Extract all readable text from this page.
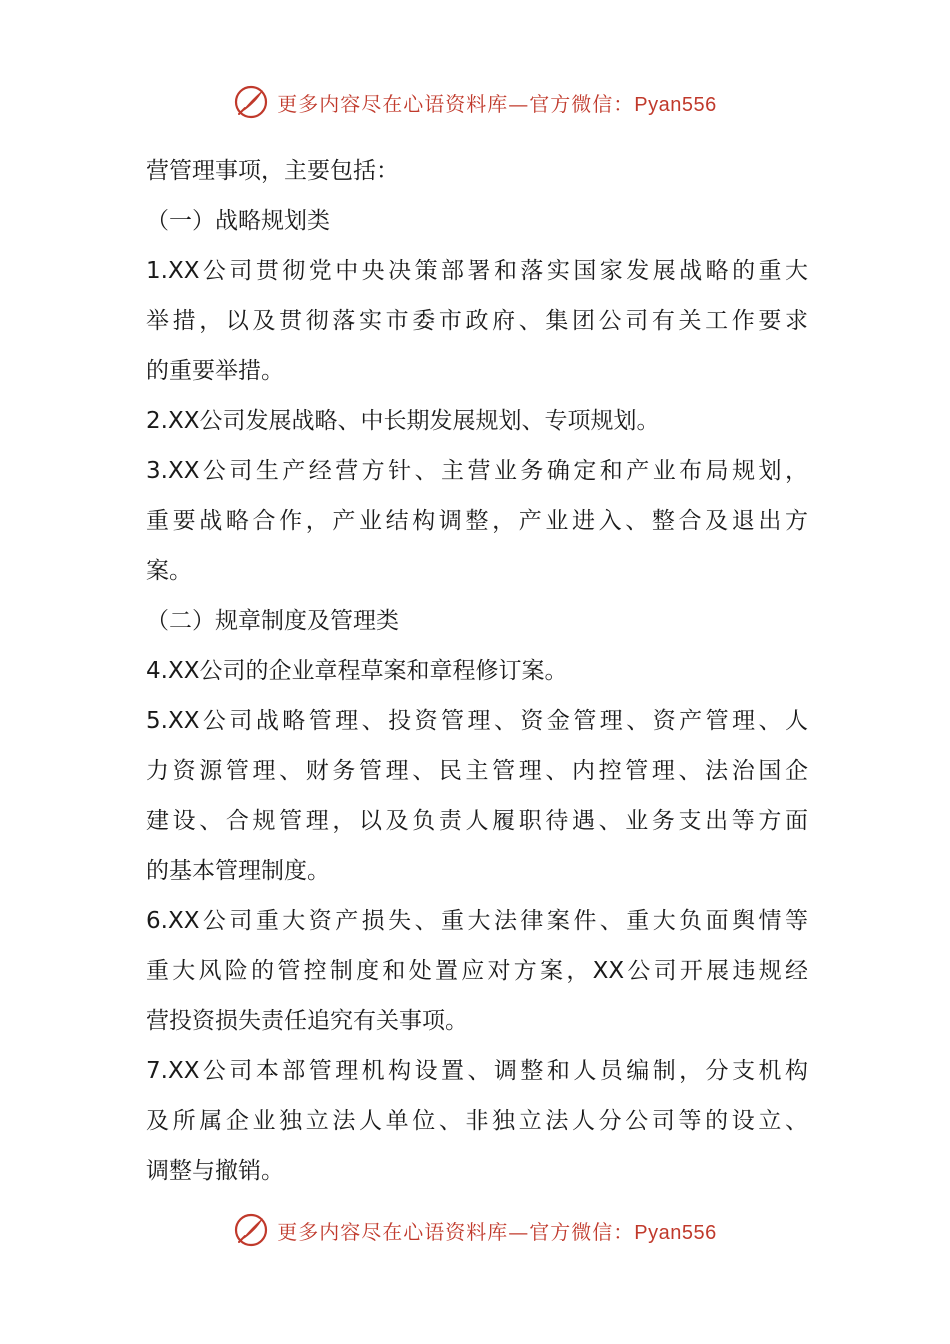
更多内容尽在心语资料库—官方微信：Pyan556
营管理事项，主要包括：
（一）战略规划类
1.XX公司贯彻党中央决策部署和落实国家发展战略的重大
举措，以及贯彻落实市委市政府、集团公司有关工作要求
的重要举措。
2.XX公司发展战略、中长期发展规划、专项规划。
3.XX公司生产经营方针、主营业务确定和产业布局规划，
重要战略合作，产业结构调整，产业进入、整合及退出方
案。
（二）规章制度及管理类
4.XX公司的企业章程草案和章程修订案。
5.XX公司战略管理、投资管理、资金管理、资产管理、人
力资源管理、财务管理、民主管理、内控管理、法治国企
建设、合规管理，以及负责人履职待遇、业务支出等方面
的基本管理制度。
6.XX公司重大资产损失、重大法律案件、重大负面舆情等
重大风险的管控制度和处置应对方案，XX公司开展违规经
营投资损失责任追究有关事项。
7.XX公司本部管理机构设置、调整和人员编制，分支机构
及所属企业独立法人单位、非独立法人分公司等的设立、
调整与撤销。
更多内容尽在心语资料库—官方微信：Pyan556
